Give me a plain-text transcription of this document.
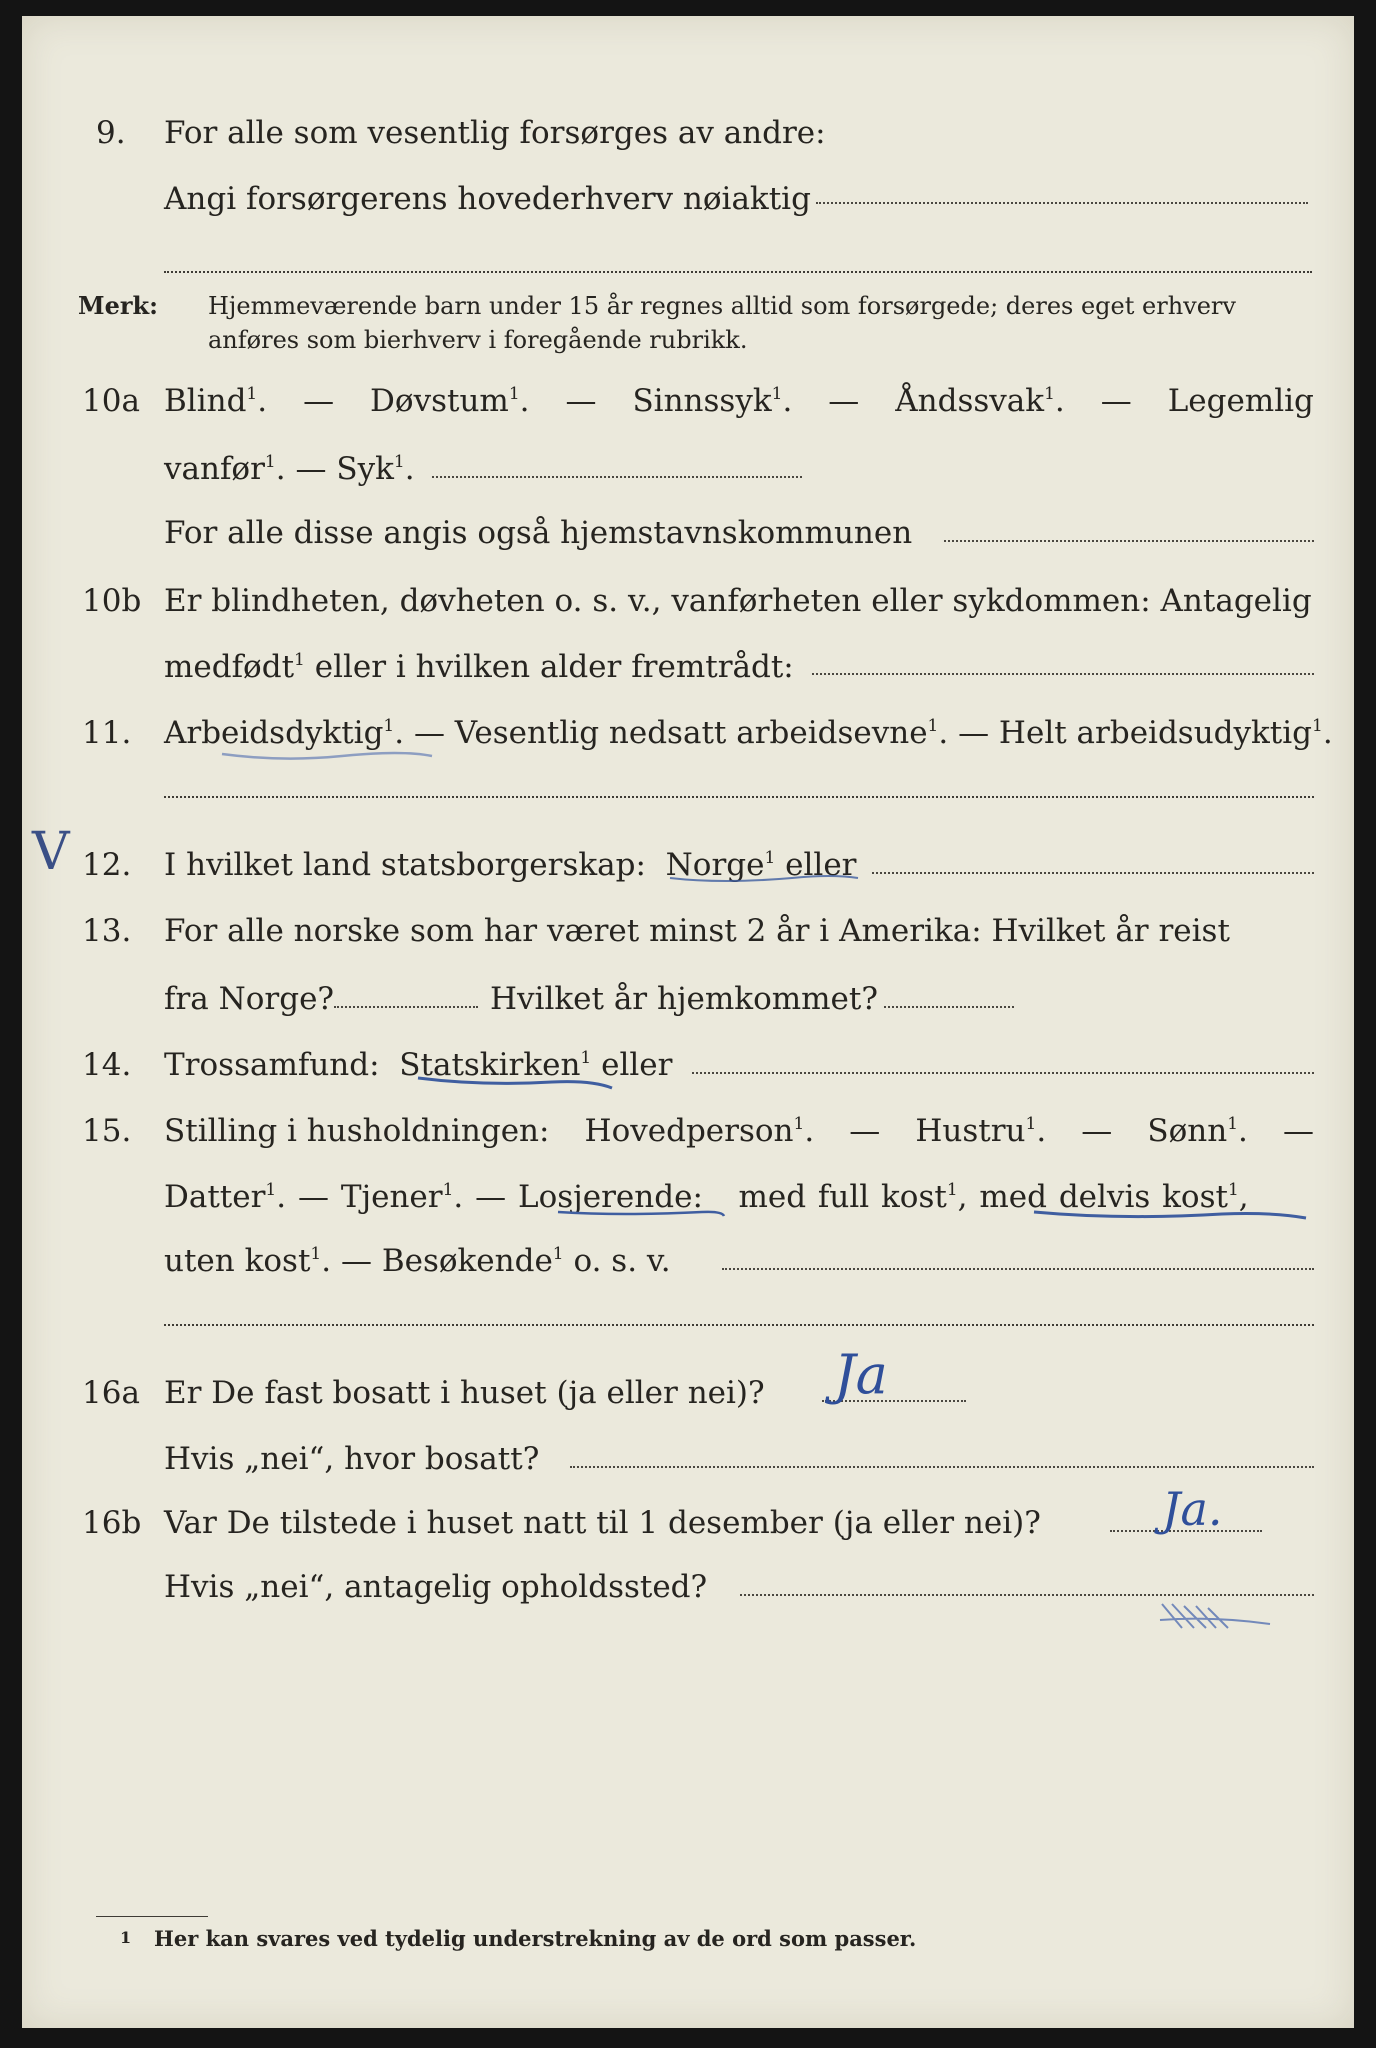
9. For alle som vesentlig forsørges av andre:
Angi forsørgerens hovederhverv nøiaktig
Merk: Hjemmeværende barn under 15 år regnes alltid som forsørgede; deres eget erhverv
anføres som bierhverv i foregående rubrikk.
10a Blind$^1$. — Døvstum$^1$. — Sinnssyk$^1$. — Åndssvak$^1$. — Legemlig
vanfør$^1$. — Syk$^1$.
For alle disse angis også hjemstavnskommunen
10b Er blindheten, døvheten o. s. v., vanførheten eller sykdommen: Antagelig
medfødt$^1$ eller i hvilken alder fremtrådt:
11. Arbeidsdyktig$^1$. — Vesentlig nedsatt arbeidsevne$^1$. — Helt arbeidsudyktig$^1$.
V 12. I hvilket land statsborgerskap: Norge$^1$ eller
13. For alle norske som har været minst 2 år i Amerika: Hvilket år reist
fra Norge?	Hvilket år hjemkommet?
14. Trossamfund: Statskirken$^1$ eller
15. Stilling i husholdningen: Hovedperson$^1$. — Hustru$^1$. — Sønn$^1$. —
Datter$^1$. — Tjener$^1$. — Losjerende: med full kost$^1$, med delvis kost$^1$,
uten kost$^1$. — Besøkende$^1$ o. s. v.
16a Er De fast bosatt i huset (ja eller nei)? Ja
Hvis „nei“, hvor bosatt?
16b Var De tilstede i huset natt til 1 desember (ja eller nei)?	Ja.
Hvis „nei“, antagelig opholdssted?
1 Her kan svares ved tydelig understrekning av de ord som passer.
